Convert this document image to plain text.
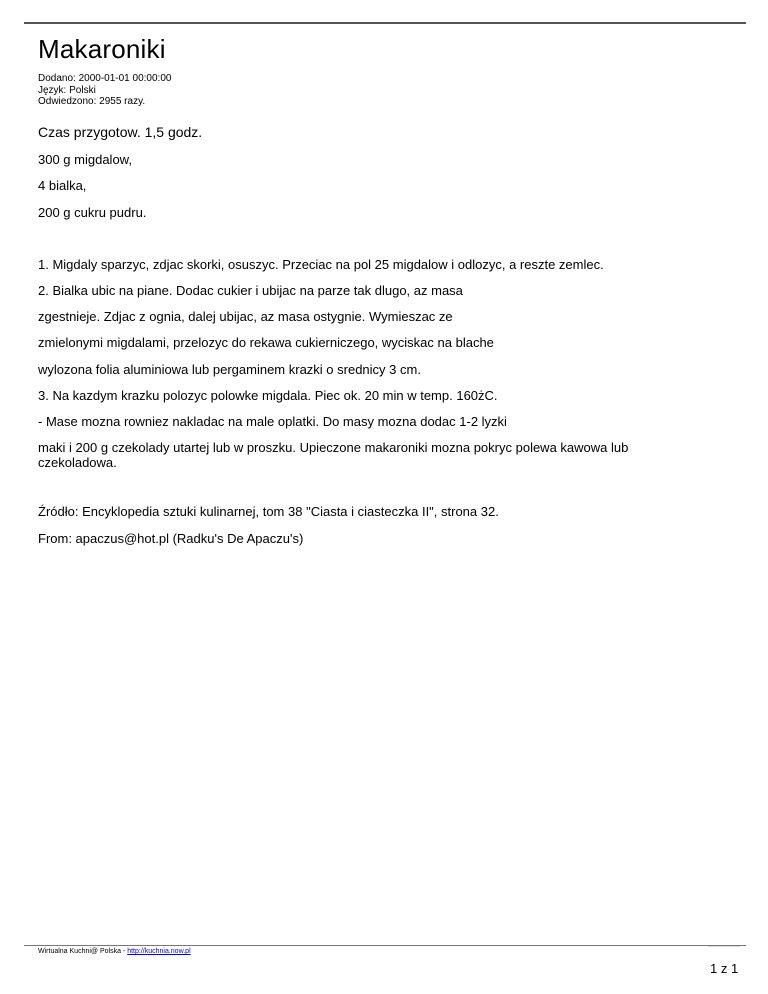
Makaroniki
Dodano: 2000-01-01 00:00:00
Język: Polski
Odwiedzono: 2955 razy.
Czas przygotow. 1,5 godz.
300 g migdalow,
4 bialka,
200 g cukru pudru.
1. Migdaly sparzyc, zdjac skorki, osuszyc. Przeciac na pol 25 migdalow i odlozyc, a reszte zemlec.
2. Bialka ubic na piane. Dodac cukier i ubijac na parze tak dlugo, az masa
zgestnieje. Zdjac z ognia, dalej ubijac, az masa ostygnie. Wymieszac ze
zmielonymi migdalami, przelozyc do rekawa cukierniczego, wyciskac na blache
wylozona folia aluminiowa lub pergaminem krazki o srednicy 3 cm.
3. Na kazdym krazku polozyc polowke migdala. Piec ok. 20 min w temp. 160żC.
- Mase mozna rowniez nakladac na male oplatki. Do masy mozna dodac 1-2 lyzki
maki i 200 g czekolady utartej lub w proszku. Upieczone makaroniki mozna pokryc polewa kawowa lub czekoladowa.
Źródło: Encyklopedia sztuki kulinarnej, tom 38 "Ciasta i ciasteczka II", strona 32.
From: apaczus@hot.pl (Radku's De Apaczu's)
Wirtualna Kuchni@ Polska - http://kuchnia.now.pl
1 z 1
